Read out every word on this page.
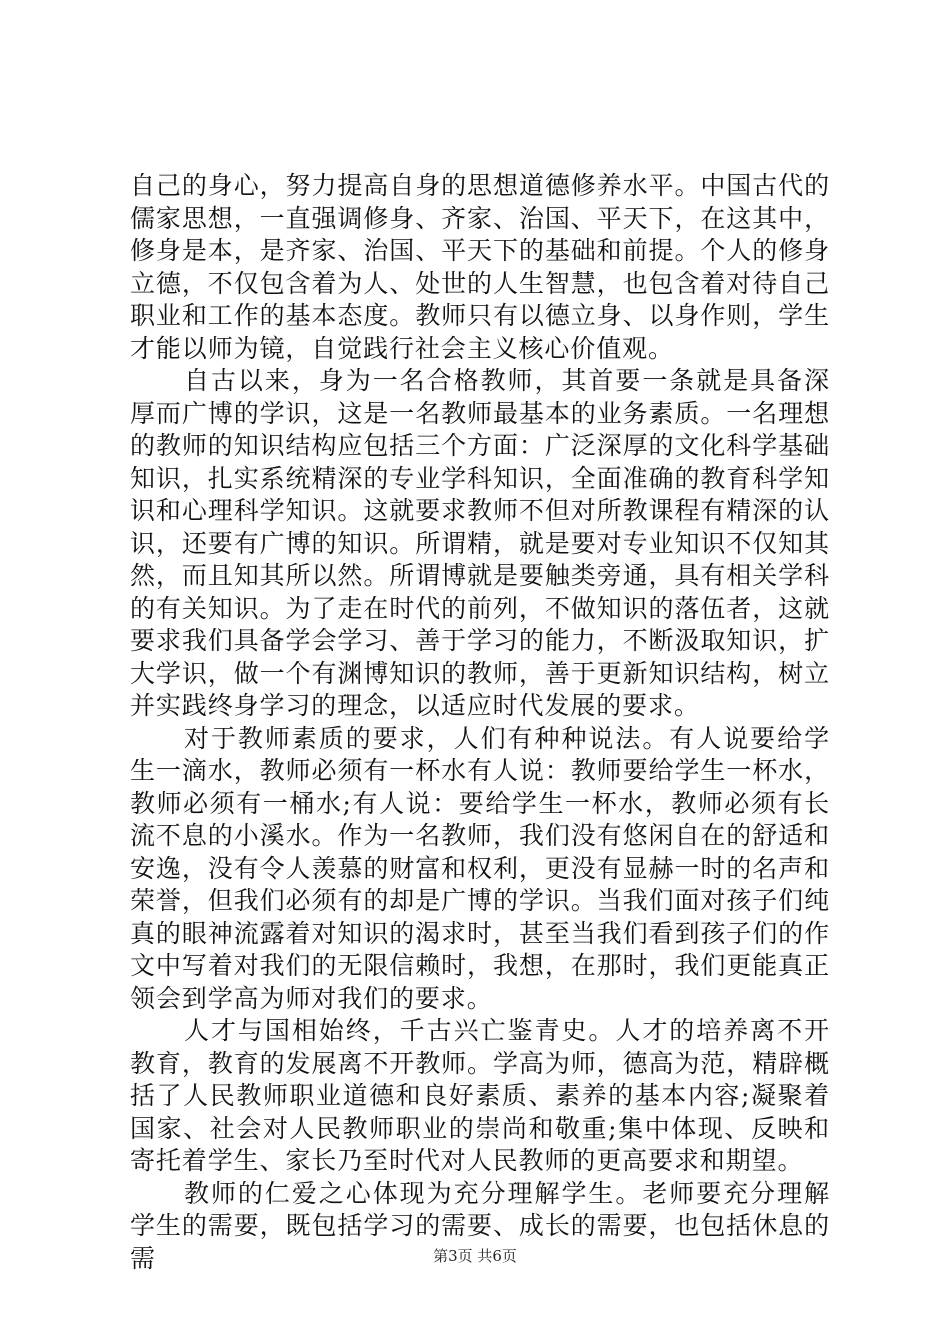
自己的身心，努力提高自身的思想道德修养水平。中国古代的儒家思想，一直强调修身、齐家、治国、平天下，在这其中，修身是本，是齐家、治国、平天下的基础和前提。个人的修身立德，不仅包含着为人、处世的人生智慧，也包含着对待自己职业和工作的基本态度。教师只有以德立身、以身作则，学生才能以师为镜，自觉践行社会主义核心价值观。

自古以来，身为一名合格教师，其首要一条就是具备深厚而广博的学识，这是一名教师最基本的业务素质。一名理想的教师的知识结构应包括三个方面：广泛深厚的文化科学基础知识，扎实系统精深的专业学科知识，全面准确的教育科学知识和心理科学知识。这就要求教师不但对所教课程有精深的认识，还要有广博的知识。所谓精，就是要对专业知识不仅知其然，而且知其所以然。所谓博就是要触类旁通，具有相关学科的有关知识。为了走在时代的前列，不做知识的落伍者，这就要求我们具备学会学习、善于学习的能力，不断汲取知识，扩大学识，做一个有渊博知识的教师，善于更新知识结构，树立并实践终身学习的理念，以适应时代发展的要求。

对于教师素质的要求，人们有种种说法。有人说要给学生一滴水，教师必须有一杯水有人说：教师要给学生一杯水，教师必须有一桶水;有人说：要给学生一杯水，教师必须有长流不息的小溪水。作为一名教师，我们没有悠闲自在的舒适和安逸，没有令人羡慕的财富和权利，更没有显赫一时的名声和荣誉，但我们必须有的却是广博的学识。当我们面对孩子们纯真的眼神流露着对知识的渴求时，甚至当我们看到孩子们的作文中写着对我们的无限信赖时，我想，在那时，我们更能真正领会到学高为师对我们的要求。

人才与国相始终，千古兴亡鉴青史。人才的培养离不开教育，教育的发展离不开教师。学高为师，德高为范，精辟概括了人民教师职业道德和良好素质、素养的基本内容;凝聚着国家、社会对人民教师职业的崇尚和敬重;集中体现、反映和寄托着学生、家长乃至时代对人民教师的更高要求和期望。

教师的仁爱之心体现为充分理解学生。老师要充分理解学生的需要，既包括学习的需要、成长的需要，也包括休息的需	第3页 共6页
